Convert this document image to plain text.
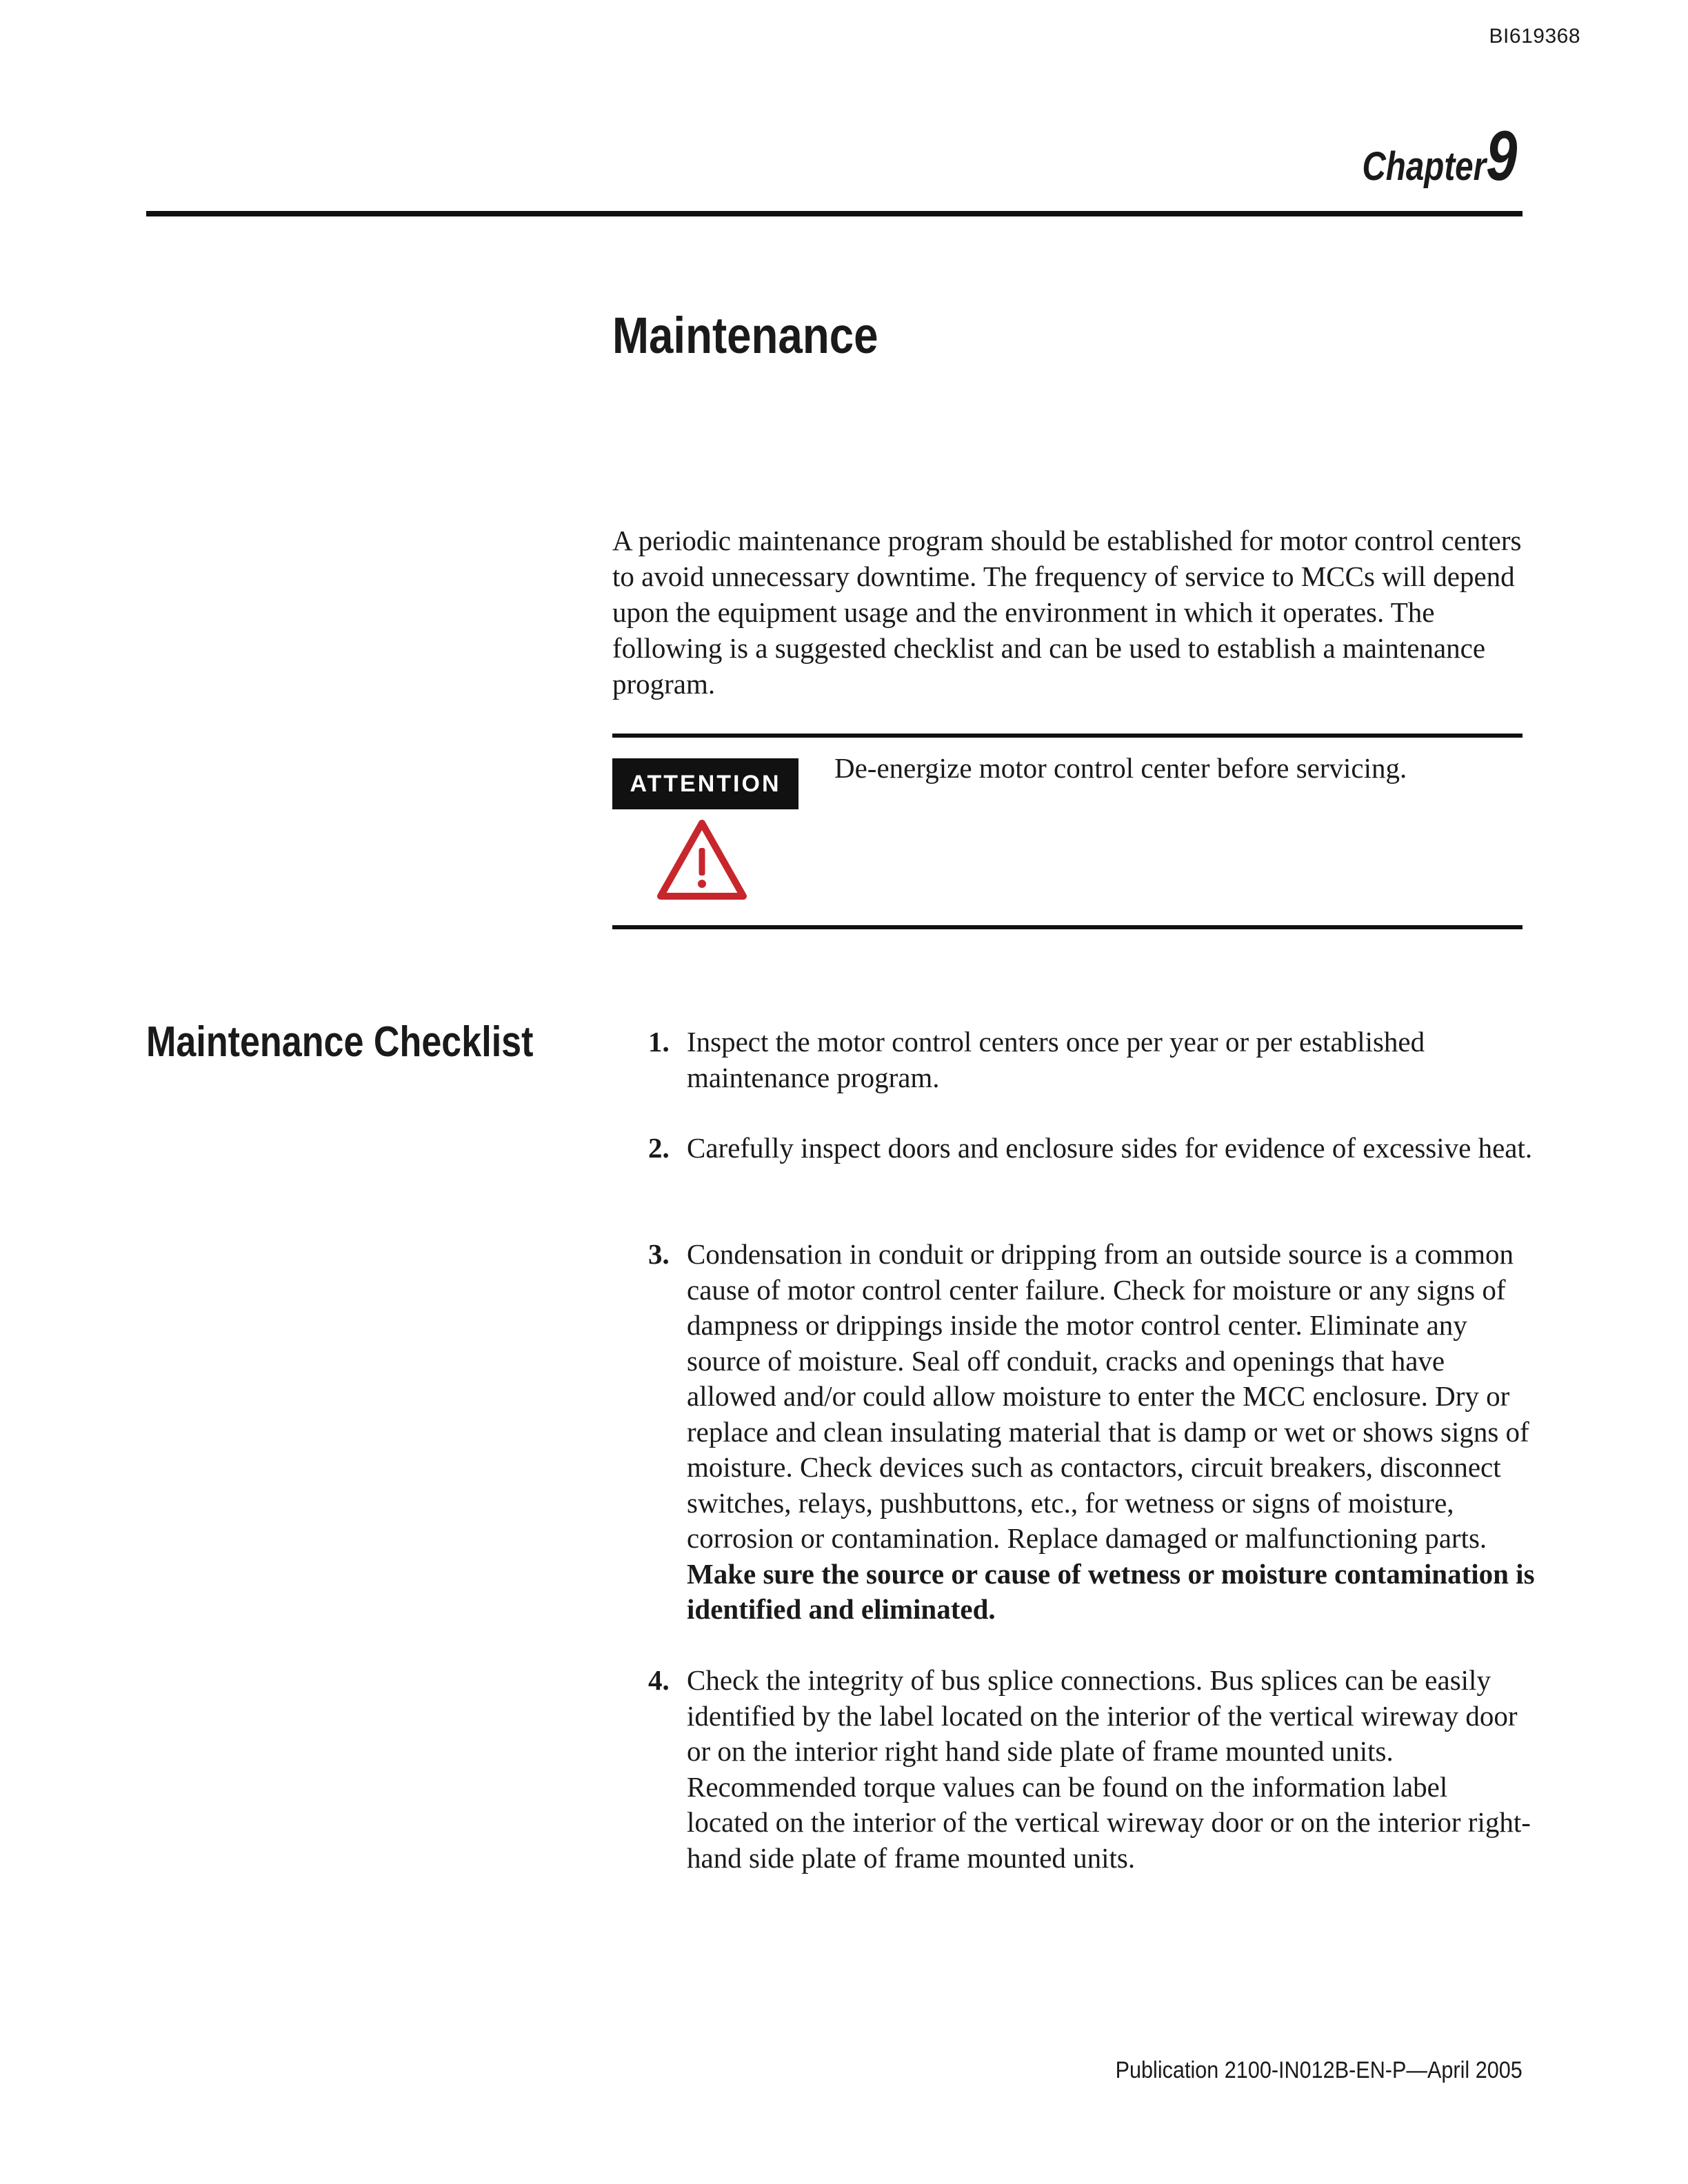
BI619368
Chapter 9
Maintenance

A periodic maintenance program should be established for motor control centers to avoid unnecessary downtime. The frequency of service to MCCs will depend upon the equipment usage and the environment in which it operates. The following is a suggested checklist and can be used to establish a maintenance program.

ATTENTION	De-energize motor control center before servicing.
Maintenance Checklist	1. Inspect the motor control centers once per year or per established maintenance program.

2. Carefully inspect doors and enclosure sides for evidence of excessive heat.

3. Condensation in conduit or dripping from an outside source is a common cause of motor control center failure. Check for moisture or any signs of dampness or drippings inside the motor control center. Eliminate any source of moisture. Seal off conduit, cracks and openings that have allowed and/or could allow moisture to enter the MCC enclosure. Dry or replace and clean insulating material that is damp or wet or shows signs of moisture. Check devices such as contactors, circuit breakers, disconnect switches, relays, pushbuttons, etc., for wetness or signs of moisture, corrosion or contamination. Replace damaged or malfunctioning parts. Make sure the source or cause of wetness or moisture contamination is identified and eliminated.

4. Check the integrity of bus splice connections. Bus splices can be easily identified by the label located on the interior of the vertical wireway door or on the interior right hand side plate of frame mounted units. Recommended torque values can be found on the information label located on the interior of the vertical wireway door or on the interior right-hand side plate of frame mounted units.

Publication 2100-IN012B-EN-P—April 2005
